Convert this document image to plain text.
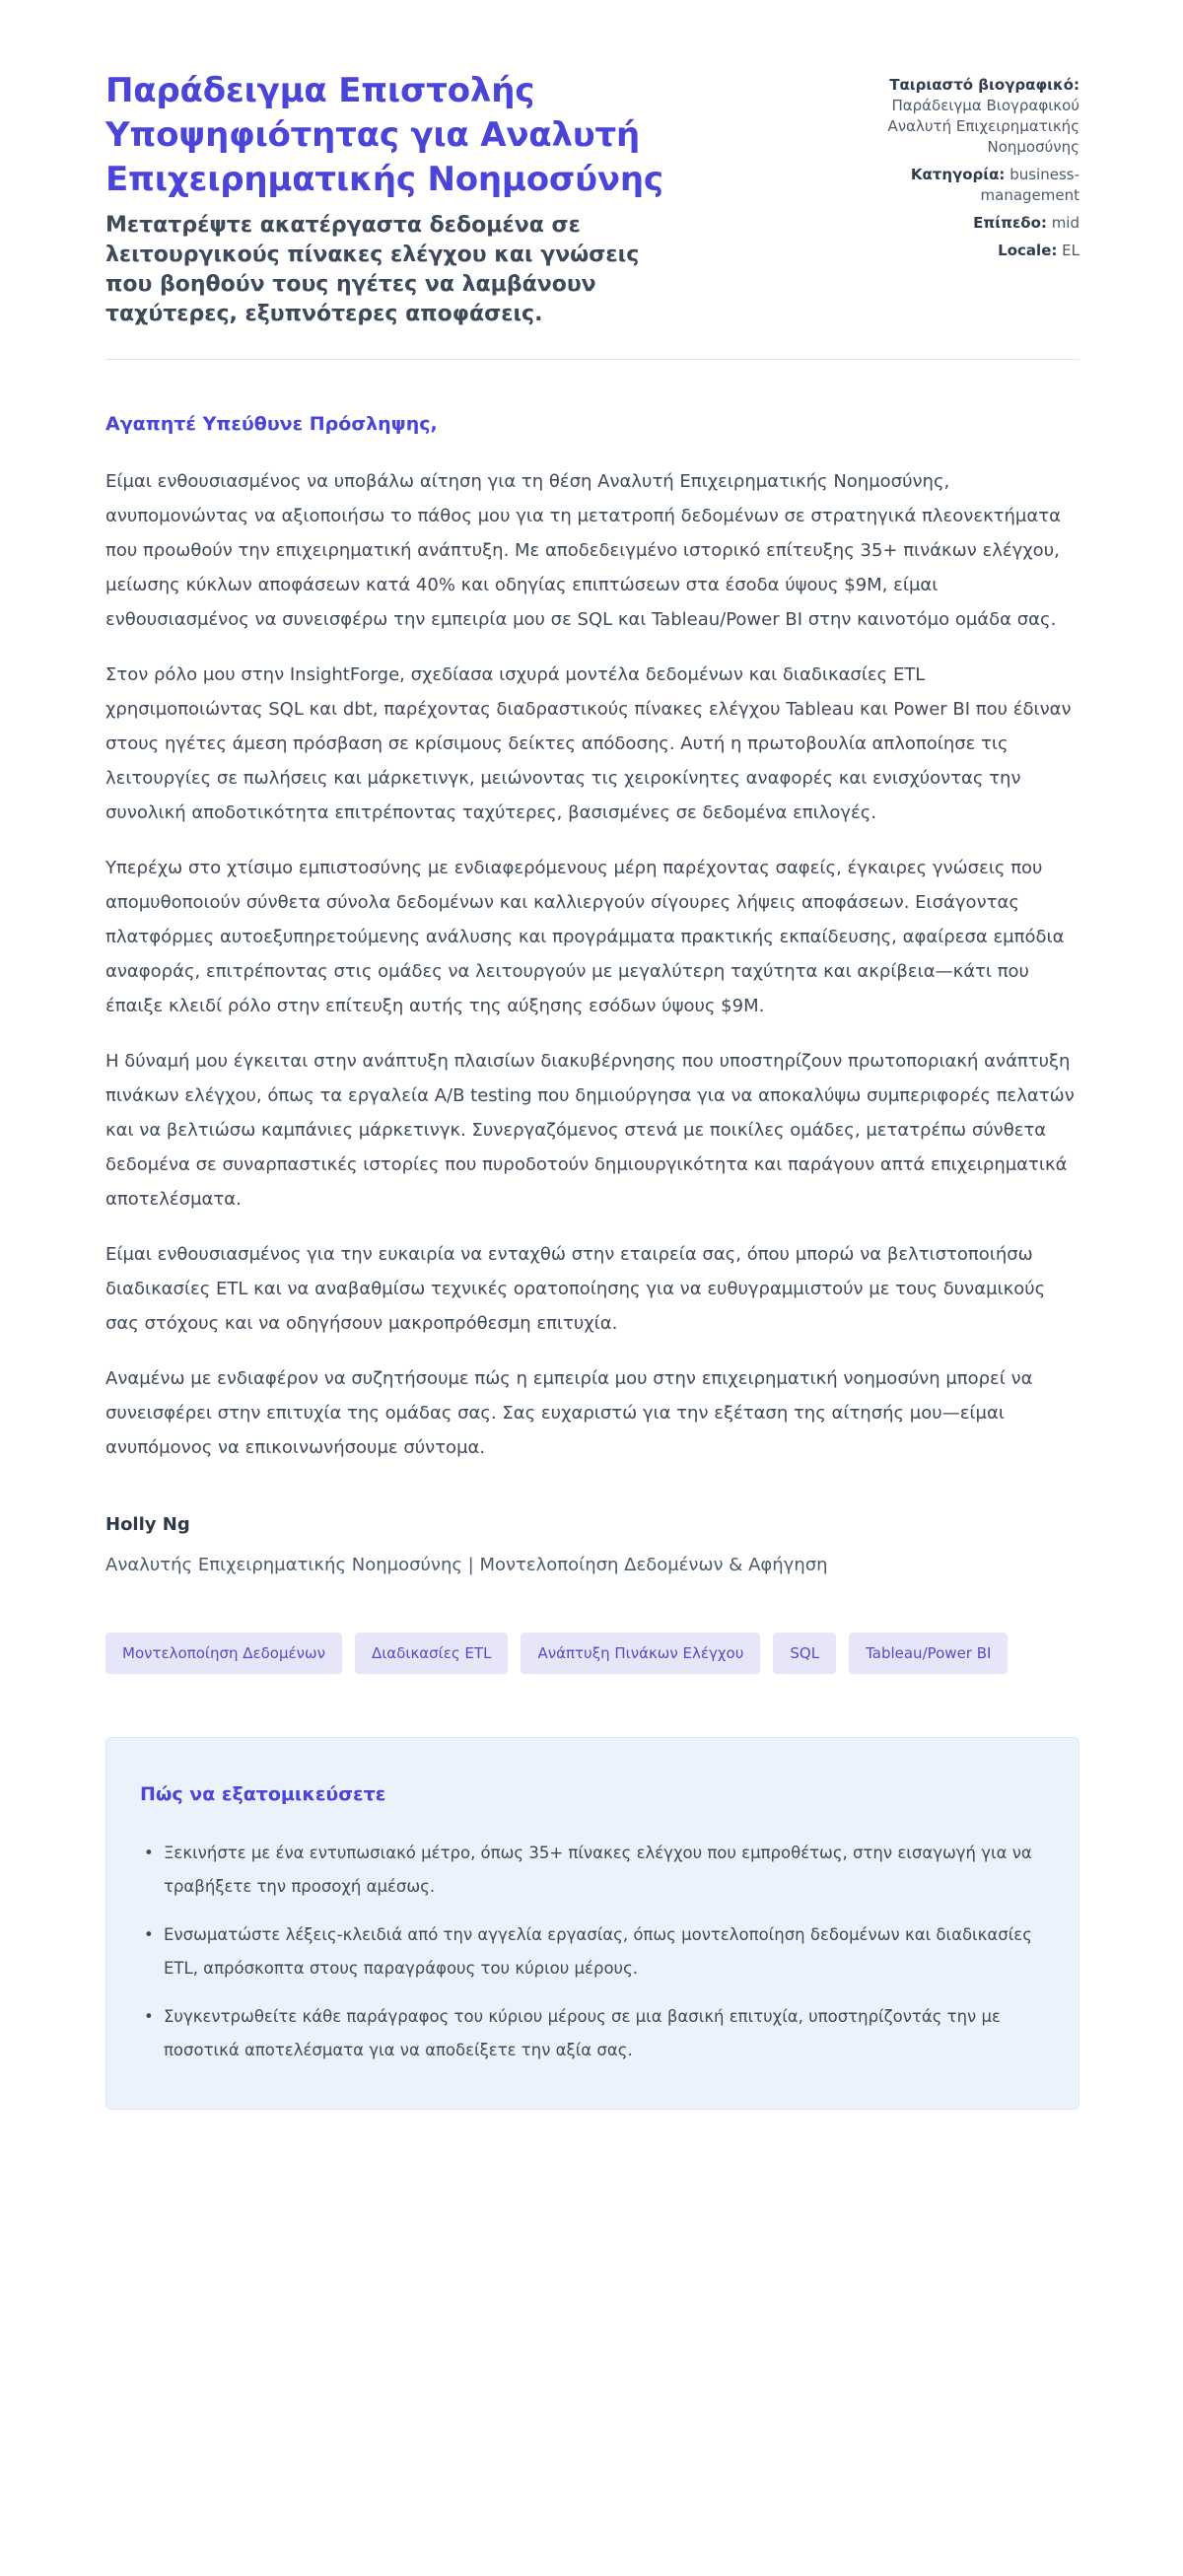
Παράδειγμα Επιστολής Υποψηφιότητας για Αναλυτή Επιχειρηματικής Νοημοσύνης

Μετατρέψτε ακατέργαστα δεδομένα σε λειτουργικούς πίνακες ελέγχου και γνώσεις που βοηθούν τους ηγέτες να λαμβάνουν ταχύτερες, εξυπνότερες αποφάσεις.

Ταιριαστό βιογραφικό:
Παράδειγμα Βιογραφικού Αναλυτή Επιχειρηματικής Νοημοσύνης
Κατηγορία: business-management
Επίπεδο: mid
Locale: EL

Αγαπητέ Υπεύθυνε Πρόσληψης,

Είμαι ενθουσιασμένος να υποβάλω αίτηση για τη θέση Αναλυτή Επιχειρηματικής Νοημοσύνης, ανυπομονώντας να αξιοποιήσω το πάθος μου για τη μετατροπή δεδομένων σε στρατηγικά πλεονεκτήματα που προωθούν την επιχειρηματική ανάπτυξη. Με αποδεδειγμένο ιστορικό επίτευξης 35+ πινάκων ελέγχου, μείωσης κύκλων αποφάσεων κατά 40% και οδηγίας επιπτώσεων στα έσοδα ύψους $9M, είμαι ενθουσιασμένος να συνεισφέρω την εμπειρία μου σε SQL και Tableau/Power BI στην καινοτόμο ομάδα σας.

Στον ρόλο μου στην InsightForge, σχεδίασα ισχυρά μοντέλα δεδομένων και διαδικασίες ETL χρησιμοποιώντας SQL και dbt, παρέχοντας διαδραστικούς πίνακες ελέγχου Tableau και Power BI που έδιναν στους ηγέτες άμεση πρόσβαση σε κρίσιμους δείκτες απόδοσης. Αυτή η πρωτοβουλία απλοποίησε τις λειτουργίες σε πωλήσεις και μάρκετινγκ, μειώνοντας τις χειροκίνητες αναφορές και ενισχύοντας την συνολική αποδοτικότητα επιτρέποντας ταχύτερες, βασισμένες σε δεδομένα επιλογές.

Υπερέχω στο χτίσιμο εμπιστοσύνης με ενδιαφερόμενους μέρη παρέχοντας σαφείς, έγκαιρες γνώσεις που απομυθοποιούν σύνθετα σύνολα δεδομένων και καλλιεργούν σίγουρες λήψεις αποφάσεων. Εισάγοντας πλατφόρμες αυτοεξυπηρετούμενης ανάλυσης και προγράμματα πρακτικής εκπαίδευσης, αφαίρεσα εμπόδια αναφοράς, επιτρέποντας στις ομάδες να λειτουργούν με μεγαλύτερη ταχύτητα και ακρίβεια—κάτι που έπαιξε κλειδί ρόλο στην επίτευξη αυτής της αύξησης εσόδων ύψους $9M.

Η δύναμή μου έγκειται στην ανάπτυξη πλαισίων διακυβέρνησης που υποστηρίζουν πρωτοποριακή ανάπτυξη πινάκων ελέγχου, όπως τα εργαλεία A/B testing που δημιούργησα για να αποκαλύψω συμπεριφορές πελατών και να βελτιώσω καμπάνιες μάρκετινγκ. Συνεργαζόμενος στενά με ποικίλες ομάδες, μετατρέπω σύνθετα δεδομένα σε συναρπαστικές ιστορίες που πυροδοτούν δημιουργικότητα και παράγουν απτά επιχειρηματικά αποτελέσματα.

Είμαι ενθουσιασμένος για την ευκαιρία να ενταχθώ στην εταιρεία σας, όπου μπορώ να βελτιστοποιήσω διαδικασίες ETL και να αναβαθμίσω τεχνικές ορατοποίησης για να ευθυγραμμιστούν με τους δυναμικούς σας στόχους και να οδηγήσουν μακροπρόθεσμη επιτυχία.

Αναμένω με ενδιαφέρον να συζητήσουμε πώς η εμπειρία μου στην επιχειρηματική νοημοσύνη μπορεί να συνεισφέρει στην επιτυχία της ομάδας σας. Σας ευχαριστώ για την εξέταση της αίτησής μου—είμαι ανυπόμονος να επικοινωνήσουμε σύντομα.

Holly Ng

Αναλυτής Επιχειρηματικής Νοημοσύνης | Μοντελοποίηση Δεδομένων & Αφήγηση

Μοντελοποίηση Δεδομένων	Διαδικασίες ETL	Ανάπτυξη Πινάκων Ελέγχου	SQL	Tableau/Power BI
Πώς να εξατομικεύσετε
• Ξεκινήστε με ένα εντυπωσιακό μέτρο, όπως 35+ πίνακες ελέγχου που εμπροθέτως, στην εισαγωγή για να τραβήξετε την προσοχή αμέσως.
• Ενσωματώστε λέξεις-κλειδιά από την αγγελία εργασίας, όπως μοντελοποίηση δεδομένων και διαδικασίες ETL, απρόσκοπτα στους παραγράφους του κύριου μέρους.
• Συγκεντρωθείτε κάθε παράγραφος του κύριου μέρους σε μια βασική επιτυχία, υποστηρίζοντάς την με ποσοτικά αποτελέσματα για να αποδείξετε την αξία σας.
